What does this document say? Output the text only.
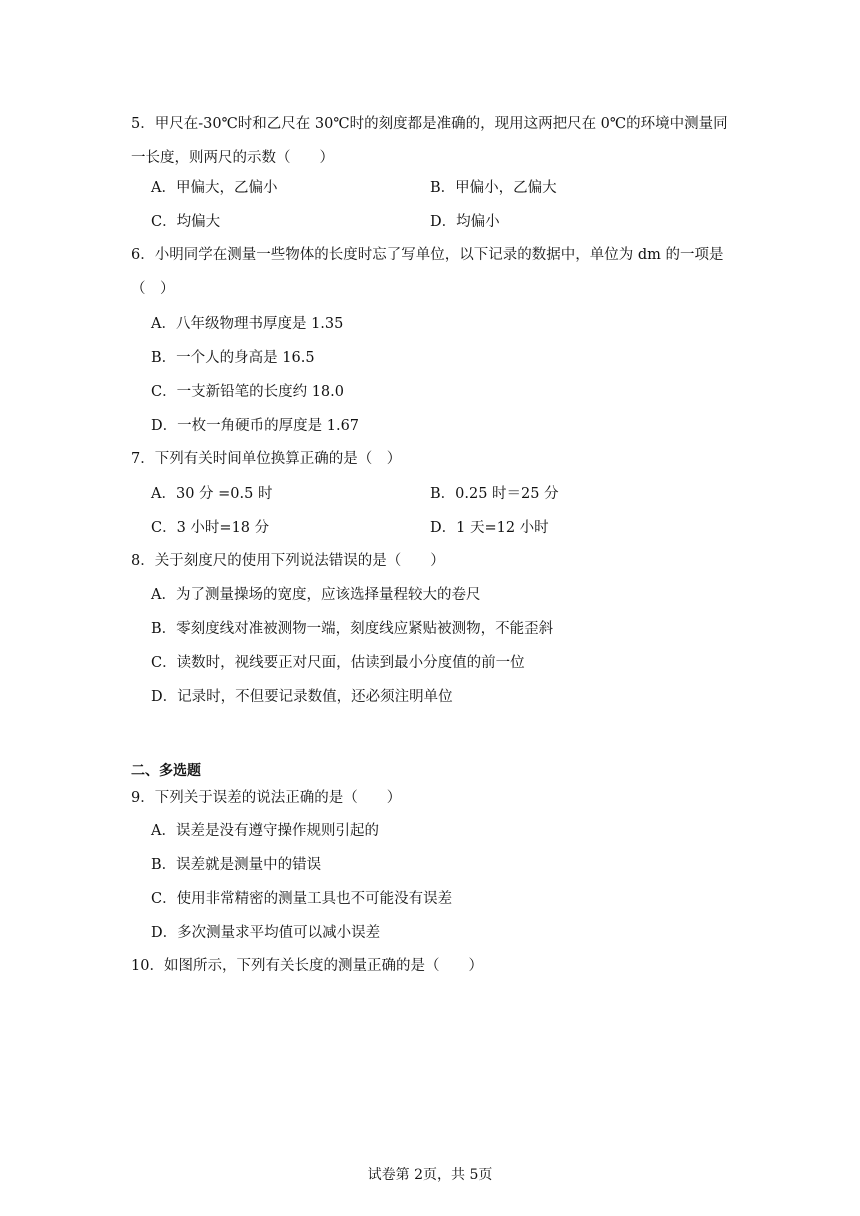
5．甲尺在-30℃时和乙尺在 30℃时的刻度都是准确的，现用这两把尺在 0℃的环境中测量同一长度，则两尺的示数（　　）
A．甲偏大，乙偏小	B．甲偏小，乙偏大
C．均偏大	D．均偏小
6．小明同学在测量一些物体的长度时忘了写单位，以下记录的数据中，单位为 dm 的一项是（　）
A．八年级物理书厚度是 1.35
B．一个人的身高是 16.5
C．一支新铅笔的长度约 18.0
D．一枚一角硬币的厚度是 1.67
7．下列有关时间单位换算正确的是（　）
A．30 分 =0.5 时	B．0.25 时＝25 分
C．3 小时=18 分	D．1 天=12 小时
8．关于刻度尺的使用下列说法错误的是（　　）
A．为了测量操场的宽度，应该选择量程较大的卷尺
B．零刻度线对准被测物一端，刻度线应紧贴被测物，不能歪斜
C．读数时，视线要正对尺面，估读到最小分度值的前一位
D．记录时，不但要记录数值，还必须注明单位
二、多选题
9．下列关于误差的说法正确的是（　　）
A．误差是没有遵守操作规则引起的
B．误差就是测量中的错误
C．使用非常精密的测量工具也不可能没有误差
D．多次测量求平均值可以减小误差
10．如图所示，下列有关长度的测量正确的是（　　）
试卷第 2页，共 5页
